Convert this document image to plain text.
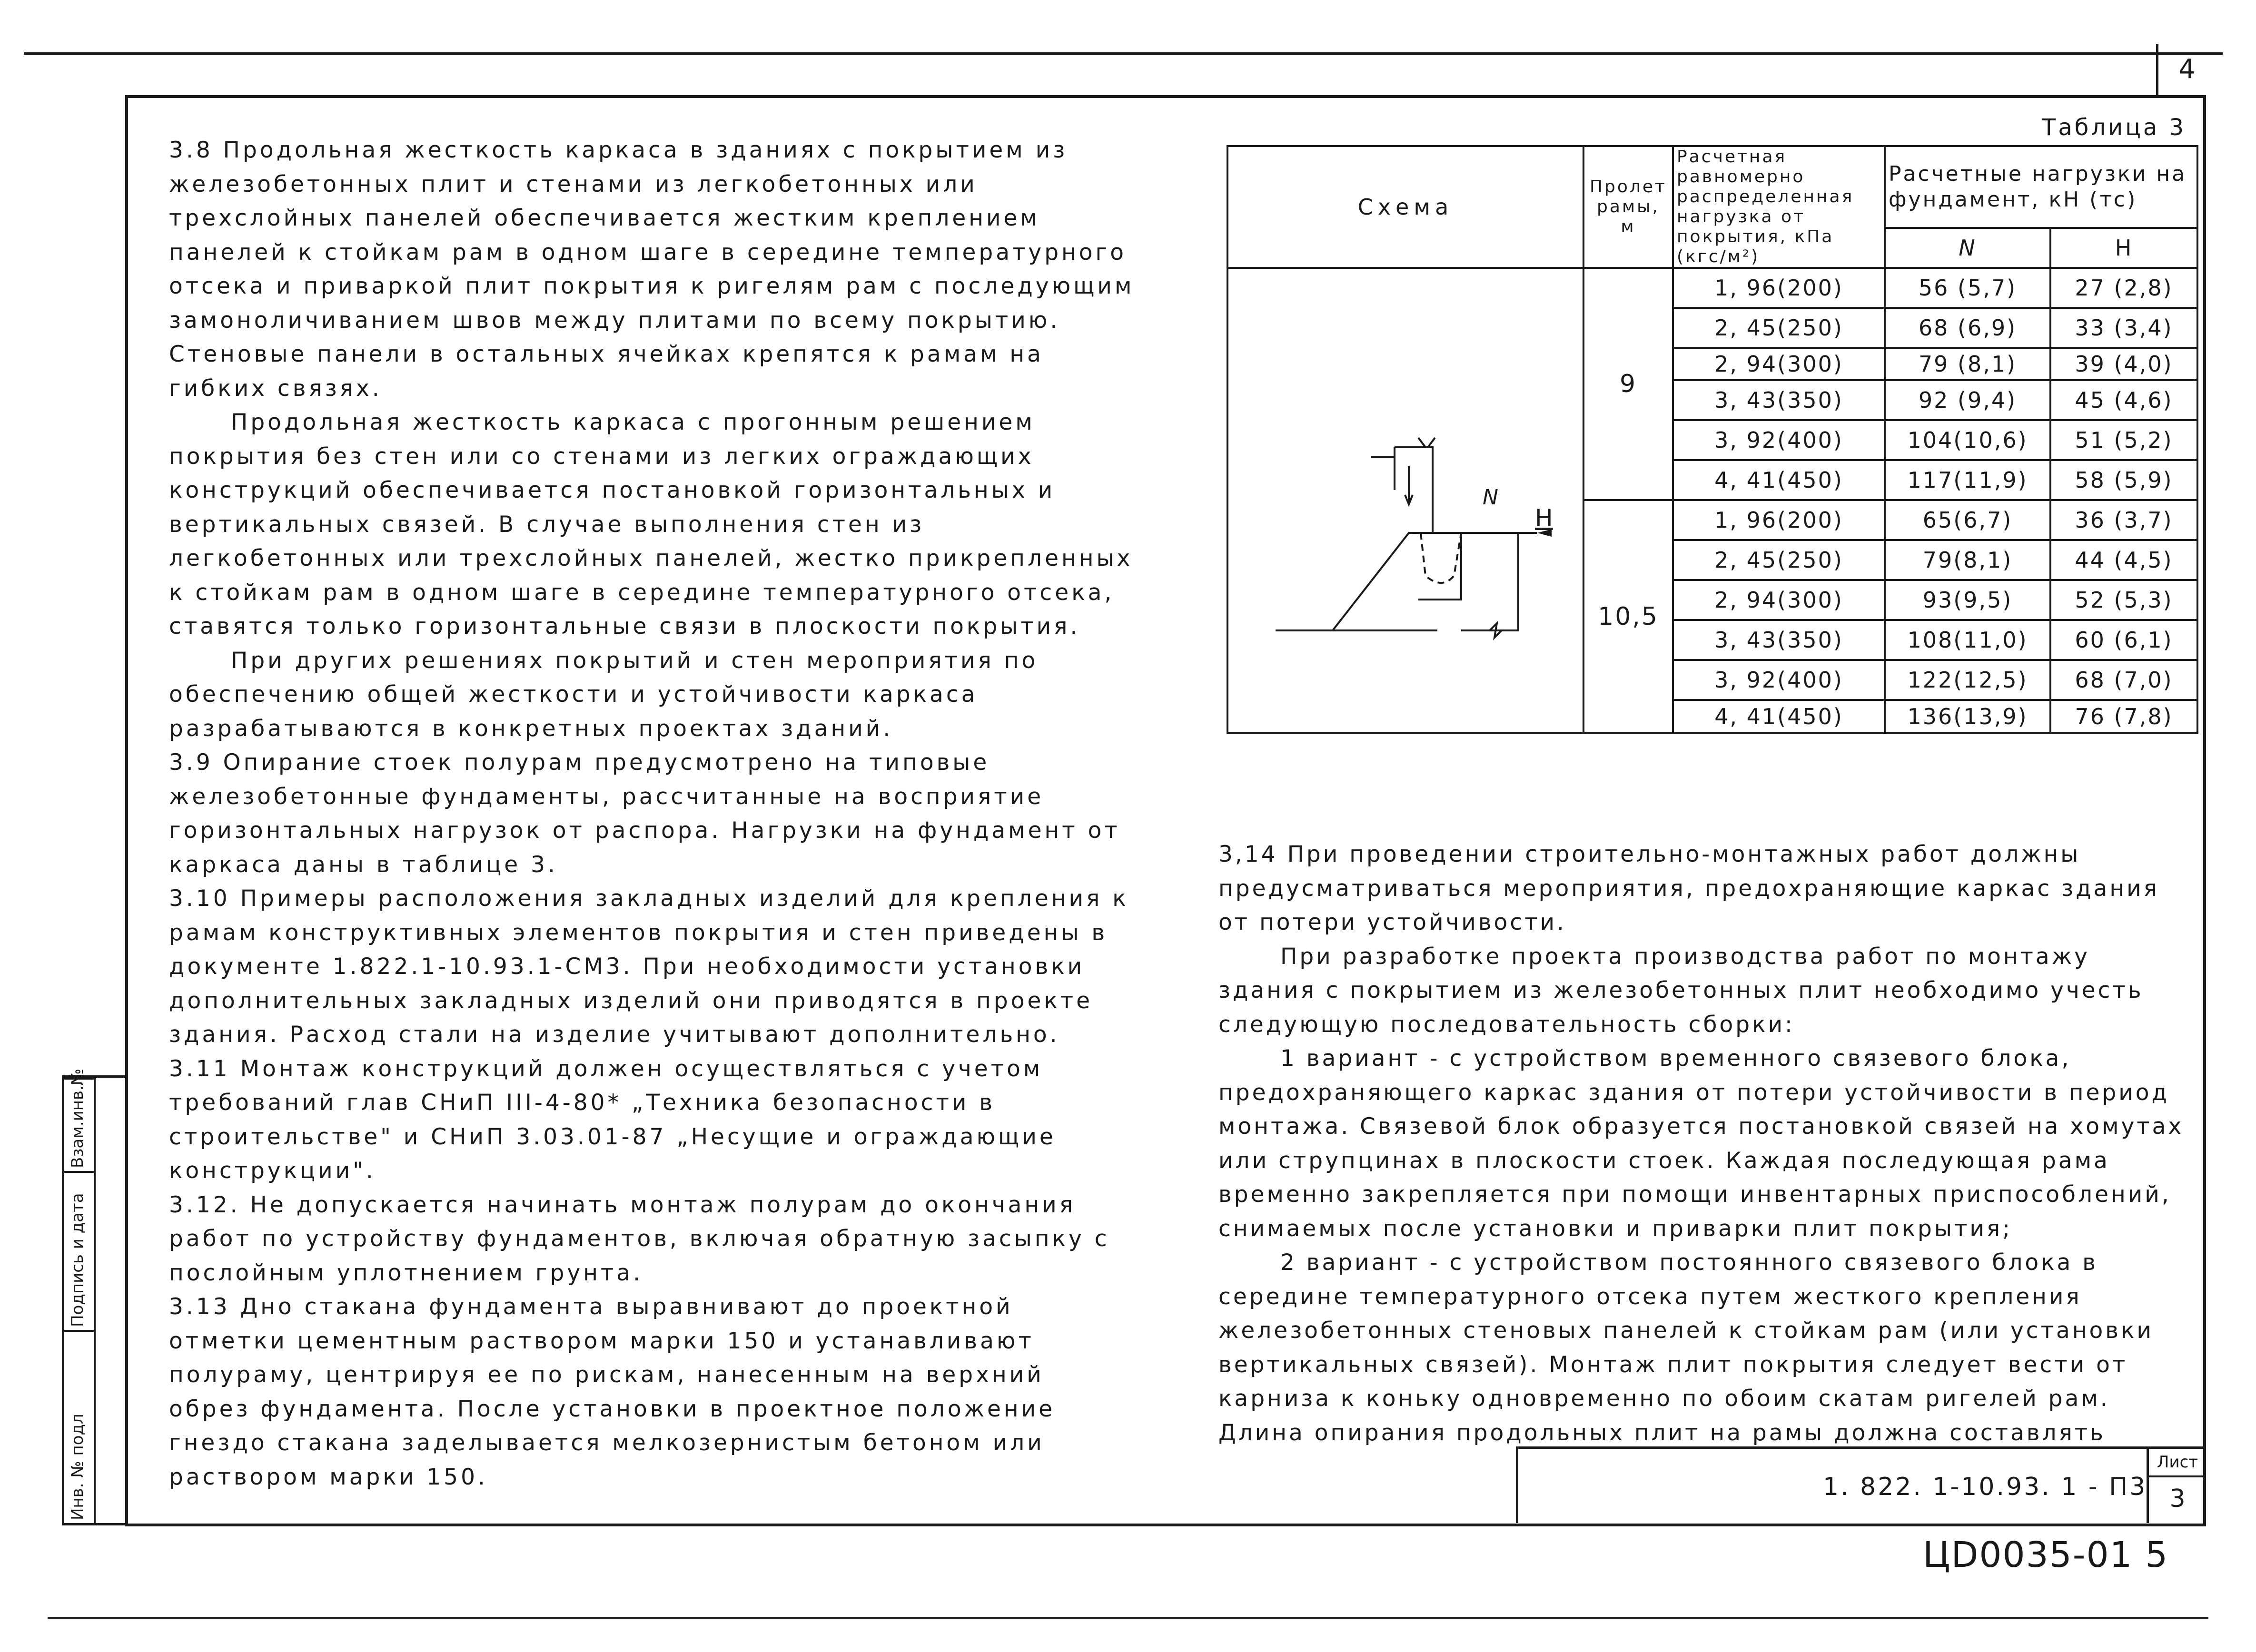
4
Инв. № подл
Подпись и дата
Взам.инв.№

3.8 Продольная жесткость каркаса в зданиях с покрытием из железобетонных плит и стенами из легкобетонных или трехслойных панелей обеспечивается жестким креплением панелей к стойкам рам в одном шаге в середине температурного отсека и приваркой плит покрытия к ригелям рам с последующим замоноличиванием швов между плитами по всему покрытию. Стеновые панели в остальных ячейках крепятся к рамам на гибких связях.

Продольная жесткость каркаса с прогонным решением покрытия без стен или со стенами из легких ограждающих конструкций обеспечивается постановкой горизонтальных и вертикальных связей. В случае выполнения стен из легкобетонных или трехслойных панелей, жестко прикрепленных к стойкам рам в одном шаге в середине температурного отсека, ставятся только горизонтальные связи в плоскости покрытия.

При других решениях покрытий и стен мероприятия по обеспечению общей жесткости и устойчивости каркаса разрабатываются в конкретных проектах зданий.

3.9 Опирание стоек полурам предусмотрено на типовые железобетонные фундаменты, рассчитанные на восприятие горизонтальных нагрузок от распора. Нагрузки на фундамент от каркаса даны в таблице 3.

3.10 Примеры расположения закладных изделий для крепления к рамам конструктивных элементов покрытия и стен приведены в документе 1.822.1-10.93.1-СМ3. При необходимости установки дополнительных закладных изделий они приводятся в проекте здания. Расход стали на изделие учитывают дополнительно.

3.11 Монтаж конструкций должен осуществляться с учетом требований глав СНиП III-4-80* „Техника безопасности в строительстве" и СНиП 3.03.01-87 „Несущие и ограждающие конструкции".

3.12. Не допускается начинать монтаж полурам до окончания работ по устройству фундаментов, включая обратную засыпку с послойным уплотнением грунта.

3.13 Дно стакана фундамента выравнивают до проектной отметки цементным раствором марки 150 и устанавливают полураму, центрируя ее по рискам, нанесенным на верхний обрез фундамента. После установки в проектное положение гнездо стакана заделывается мелкозернистым бетоном или раствором марки 150.

Таблица 3
Схема	Пролет рамы, м	Расчетная равномерно распределенная нагрузка от покрытия, кПа (кгс/м²)	Расчетные нагрузки на фундамент, кН (тс)	
			N	H
	9	1, 96(200)	56 (5,7)	27 (2,8)
		2, 45(250)	68 (6,9)	33 (3,4)
		2, 94(300)	79 (8,1)	39 (4,0)
		3, 43(350)	92 (9,4)	45 (4,6)
		3, 92(400)	104(10,6)	51 (5,2)
		4, 41(450)	117(11,9)	58 (5,9)
	10,5	1, 96(200)	65(6,7)	36 (3,7)
		2, 45(250)	79(8,1)	44 (4,5)
		2, 94(300)	93(9,5)	52 (5,3)
		3, 43(350)	108(11,0)	60 (6,1)
		3, 92(400)	122(12,5)	68 (7,0)
		4, 41(450)	136(13,9)	76 (7,8)
N
H

3,14 При проведении строительно-монтажных работ должны предусматриваться мероприятия, предохраняющие каркас здания от потери устойчивости.

При разработке проекта производства работ по монтажу здания с покрытием из железобетонных плит необходимо учесть следующую последовательность сборки:

1 вариант - с устройством временного связевого блока, предохраняющего каркас здания от потери устойчивости в период монтажа. Связевой блок образуется постановкой связей на хомутах или струпцинах в плоскости стоек. Каждая последующая рама временно закрепляется при помощи инвентарных приспособлений, снимаемых после установки и приварки плит покрытия;

2 вариант - с устройством постоянного связевого блока в середине температурного отсека путем жесткого крепления железобетонных стеновых панелей к стойкам рам (или установки вертикальных связей). Монтаж плит покрытия следует вести от карниза к коньку одновременно по обоим скатам ригелей рам. Длина опирания продольных плит на рамы должна составлять

1. 822. 1-10.93. 1 - П3
Лист
3
ЦD0035-01 5
